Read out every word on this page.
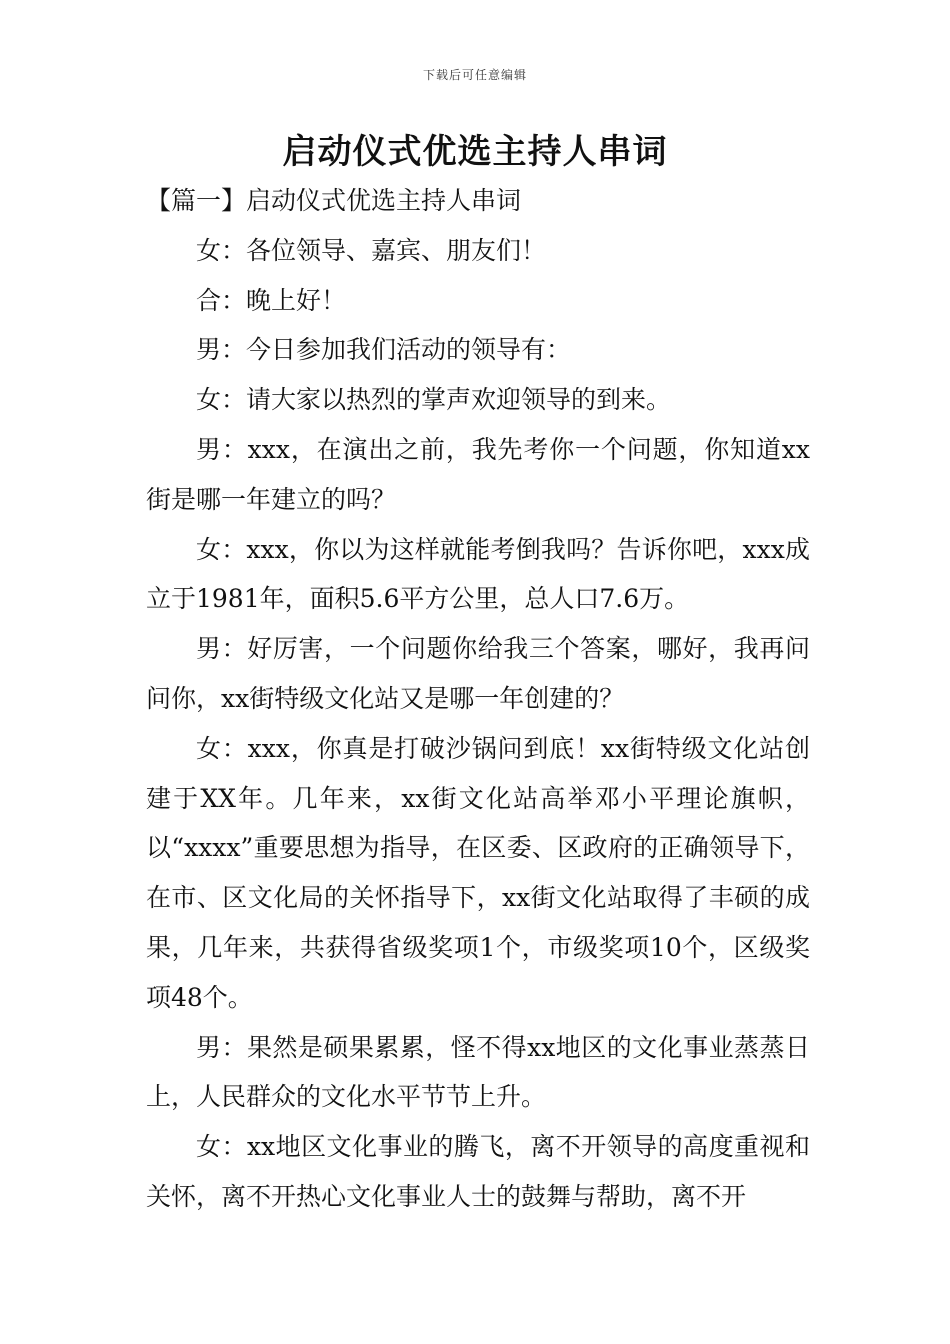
下载后可任意编辑
启动仪式优选主持人串词

【篇一】启动仪式优选主持人串词

女：各位领导、嘉宾、朋友们！

合：晚上好！

男：今日参加我们活动的领导有：

女：请大家以热烈的掌声欢迎领导的到来。

男：xxx，在演出之前，我先考你一个问题，你知道xx街是哪一年建立的吗？

女：xxx，你以为这样就能考倒我吗？告诉你吧，xxx成立于1981年，面积5.6平方公里，总人口7.6万。

男：好厉害，一个问题你给我三个答案，哪好，我再问问你，xx街特级文化站又是哪一年创建的？

女：xxx，你真是打破沙锅问到底！xx街特级文化站创建于XX年。几年来，xx街文化站高举邓小平理论旗帜，以“xxxx”重要思想为指导，在区委、区政府的正确领导下，在市、区文化局的关怀指导下，xx街文化站取得了丰硕的成果，几年来，共获得省级奖项1个，市级奖项10个，区级奖项48个。

男：果然是硕果累累，怪不得xx地区的文化事业蒸蒸日上，人民群众的文化水平节节上升。

女：xx地区文化事业的腾飞，离不开领导的高度重视和关怀，离不开热心文化事业人士的鼓舞与帮助，离不开
